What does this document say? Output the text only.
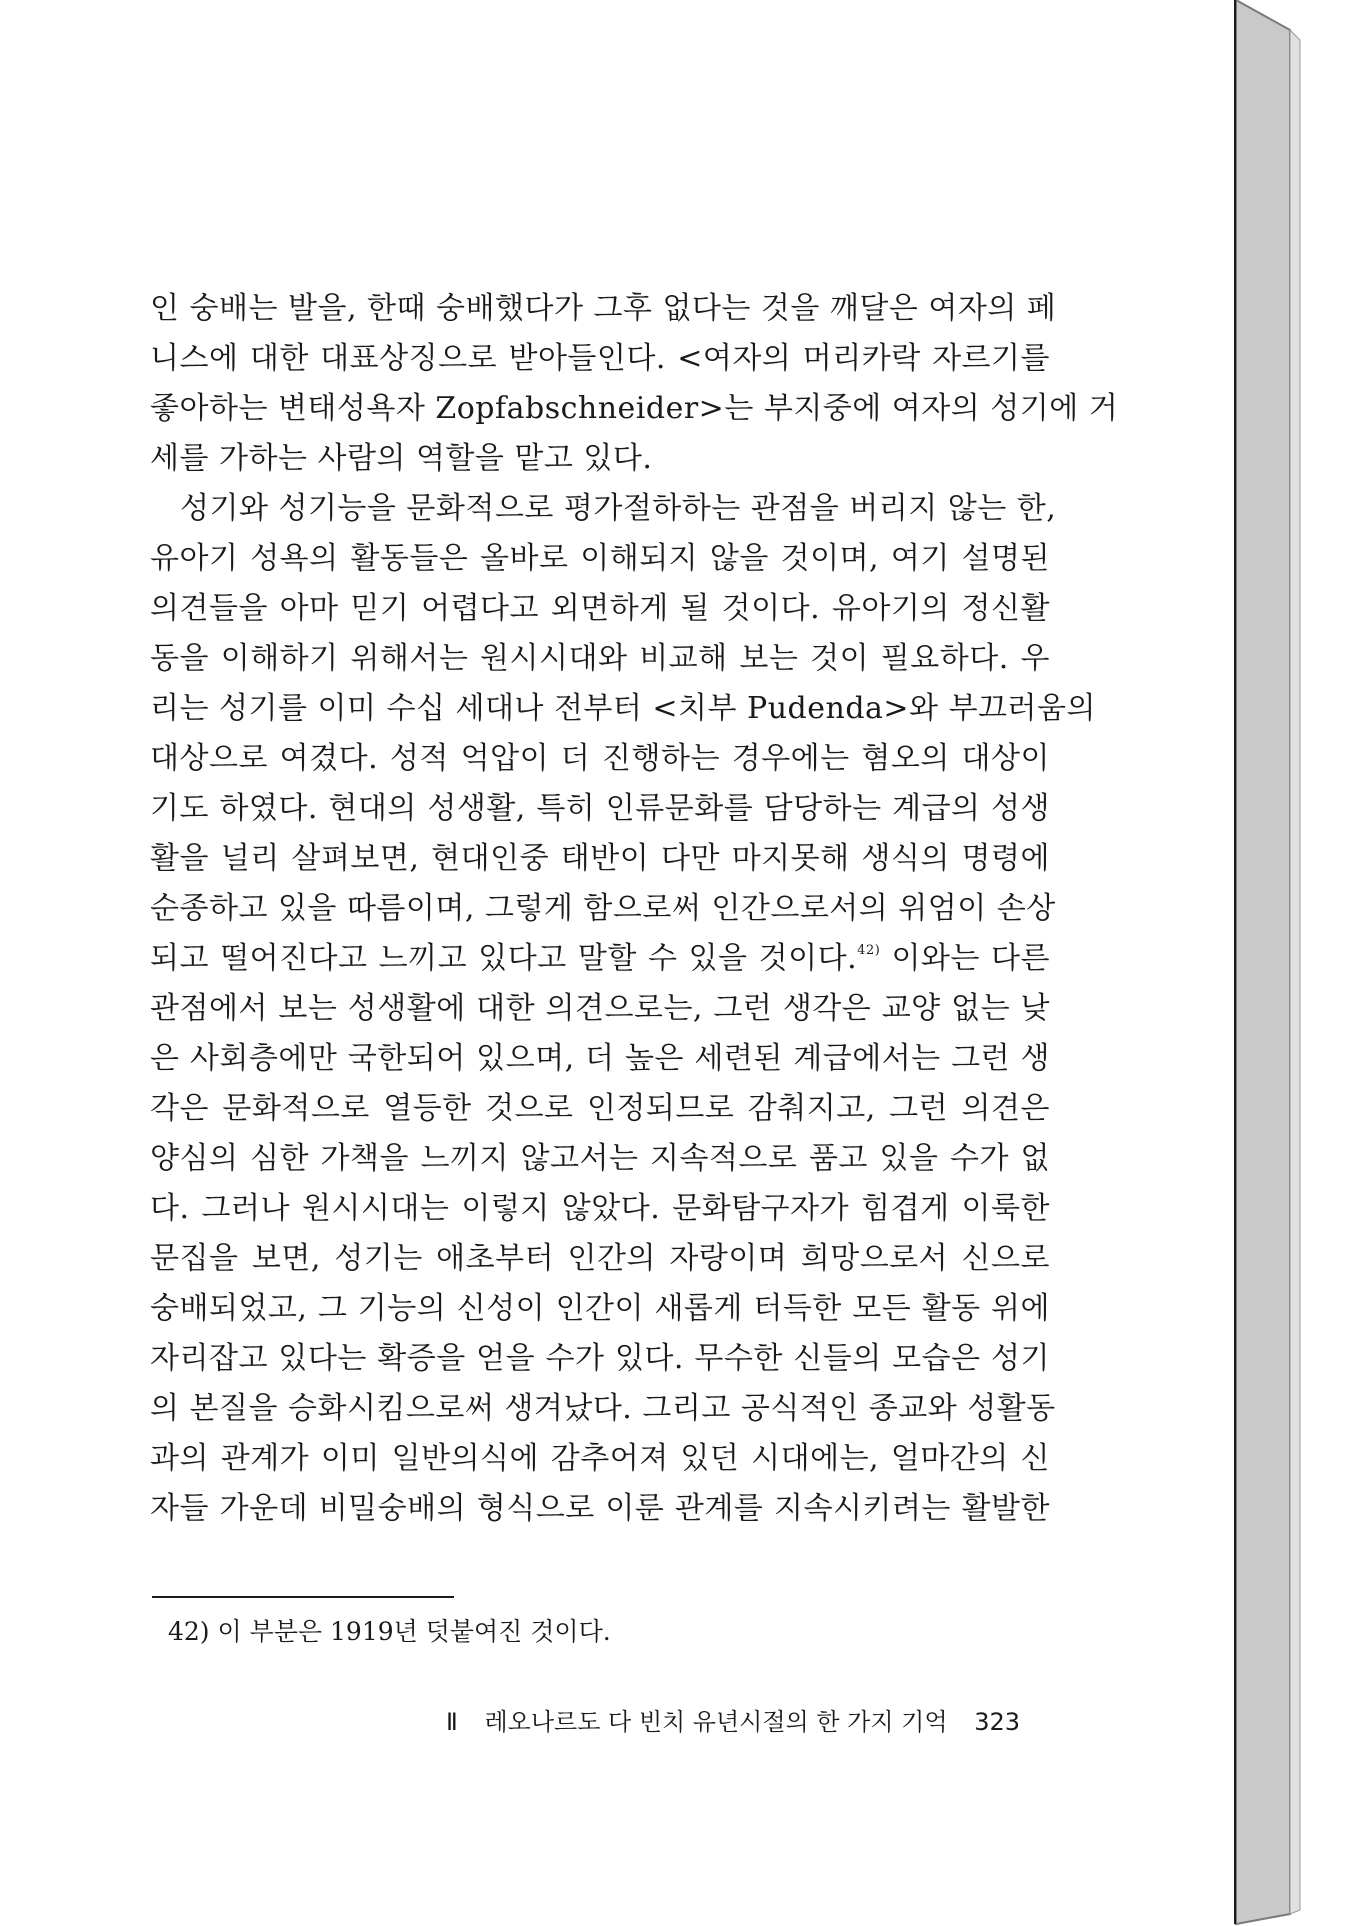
인 숭배는 발을, 한때 숭배했다가 그후 없다는 것을 깨달은 여자의 페
니스에 대한 대표상징으로 받아들인다. <여자의 머리카락 자르기를
좋아하는 변태성욕자 Zopfabschneider>는 부지중에 여자의 성기에 거
세를 가하는 사람의 역할을 맡고 있다.
성기와 성기능을 문화적으로 평가절하하는 관점을 버리지 않는 한,
유아기 성욕의 활동들은 올바로 이해되지 않을 것이며, 여기 설명된
의견들을 아마 믿기 어렵다고 외면하게 될 것이다. 유아기의 정신활
동을 이해하기 위해서는 원시시대와 비교해 보는 것이 필요하다. 우
리는 성기를 이미 수십 세대나 전부터 <치부 Pudenda>와 부끄러움의
대상으로 여겼다. 성적 억압이 더 진행하는 경우에는 혐오의 대상이
기도 하였다. 현대의 성생활, 특히 인류문화를 담당하는 계급의 성생
활을 널리 살펴보면, 현대인중 태반이 다만 마지못해 생식의 명령에
순종하고 있을 따름이며, 그렇게 함으로써 인간으로서의 위엄이 손상
되고 떨어진다고 느끼고 있다고 말할 수 있을 것이다.$^{42)}$ 이와는 다른
관점에서 보는 성생활에 대한 의견으로는, 그런 생각은 교양 없는 낮
은 사회층에만 국한되어 있으며, 더 높은 세련된 계급에서는 그런 생
각은 문화적으로 열등한 것으로 인정되므로 감춰지고, 그런 의견은
양심의 심한 가책을 느끼지 않고서는 지속적으로 품고 있을 수가 없
다. 그러나 원시시대는 이렇지 않았다. 문화탐구자가 힘겹게 이룩한
문집을 보면, 성기는 애초부터 인간의 자랑이며 희망으로서 신으로
숭배되었고, 그 기능의 신성이 인간이 새롭게 터득한 모든 활동 위에
자리잡고 있다는 확증을 얻을 수가 있다. 무수한 신들의 모습은 성기
의 본질을 승화시킴으로써 생겨났다. 그리고 공식적인 종교와 성활동
과의 관계가 이미 일반의식에 감추어져 있던 시대에는, 얼마간의 신
자들 가운데 비밀숭배의 형식으로 이룬 관계를 지속시키려는 활발한
42) 이 부분은 1919년 덧붙여진 것이다.
Ⅱ 레오나르도 다 빈치 유년시절의 한 가지 기억 323
